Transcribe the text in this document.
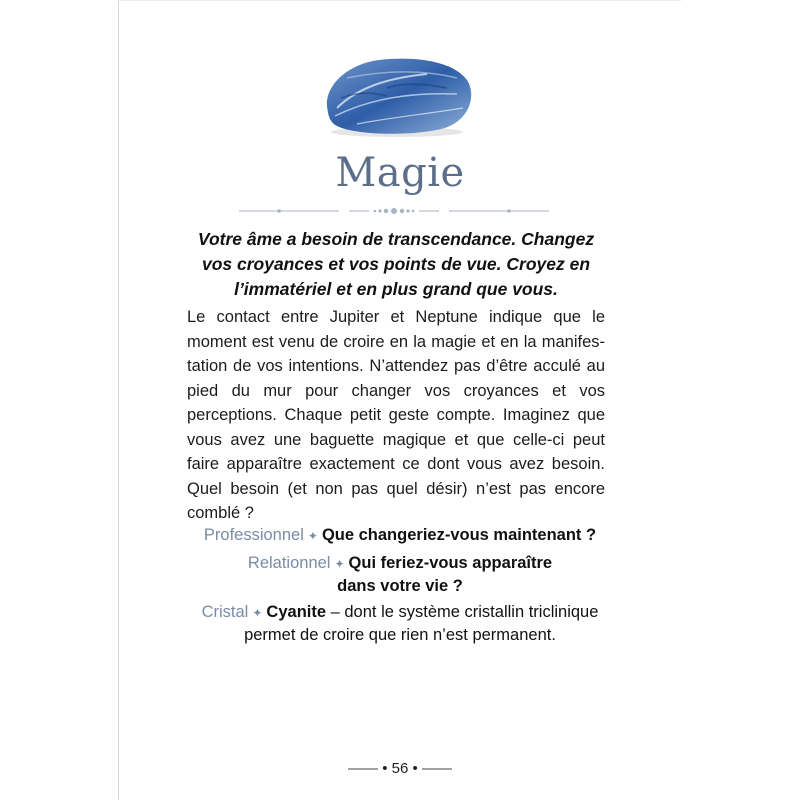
Magie
Votre âme a besoin de transcendance. Changez vos croyances et vos points de vue. Croyez en l’immatériel et en plus grand que vous.
Le contact entre Jupiter et Neptune indique que le moment est venu de croire en la magie et en la manifestation de vos intentions. N’attendez pas d’être acculé au pied du mur pour changer vos croyances et vos perceptions. Chaque petit geste compte. Imaginez que vous avez une baguette magique et que celle-ci peut faire apparaître exactement ce dont vous avez besoin. Quel besoin (et non pas quel désir) n’est pas encore comblé ?
Professionnel ✦ Que changeriez-vous maintenant ?
Relationnel ✦ Qui feriez-vous apparaître
dans votre vie ?
Cristal ✦ Cyanite – dont le système cristallin triclinique
permet de croire que rien n’est permanent.
—— • 56 • ——
